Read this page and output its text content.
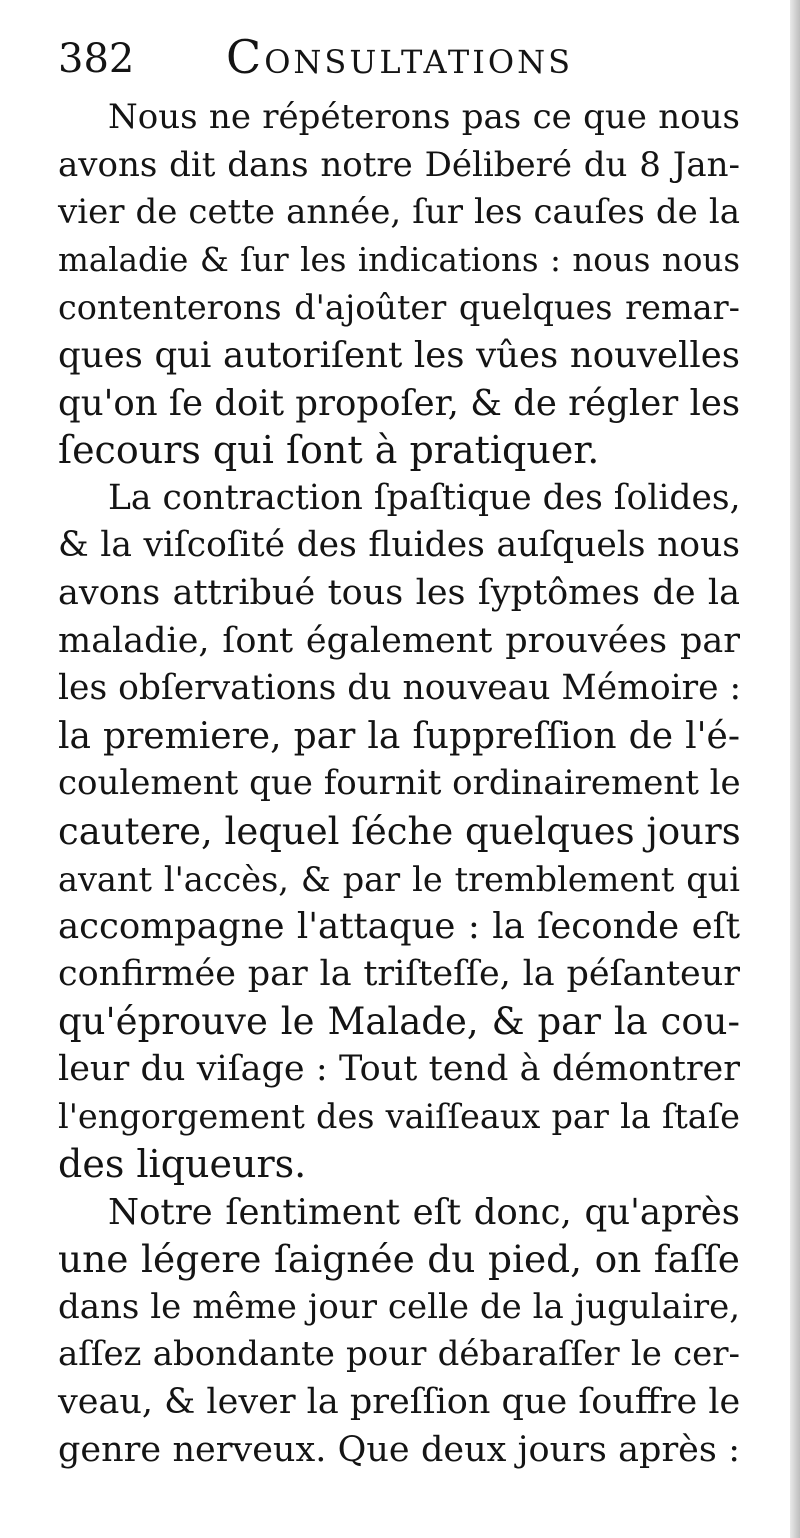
382 Consultations
Nous ne répéterons pas ce que nous
avons dit dans notre Déliberé du 8 Jan-
vier de cette année, ſur les cauſes de la
maladie & ſur les indications : nous nous
contenterons d'ajoûter quelques remar-
ques qui autoriſent les vûes nouvelles
qu'on ſe doit propoſer, & de régler les
ſecours qui ſont à pratiquer.
La contraction ſpaſtique des ſolides,
& la viſcoſité des fluides auſquels nous
avons attribué tous les ſyptômes de la
maladie, ſont également prouvées par
les obſervations du nouveau Mémoire :
la premiere, par la ſuppreſſion de l'é-
coulement que fournit ordinairement le
cautere, lequel ſéche quelques jours
avant l'accès, & par le tremblement qui
accompagne l'attaque : la ſeconde eſt
confirmée par la triſteſſe, la péſanteur
qu'éprouve le Malade, & par la cou-
leur du viſage : Tout tend à démontrer
l'engorgement des vaiſſeaux par la ſtaſe
des liqueurs.
Notre ſentiment eſt donc, qu'après
une légere ſaignée du pied, on faſſe
dans le même jour celle de la jugulaire,
aſſez abondante pour débaraſſer le cer-
veau, & lever la preſſion que ſouffre le
genre nerveux. Que deux jours après :
